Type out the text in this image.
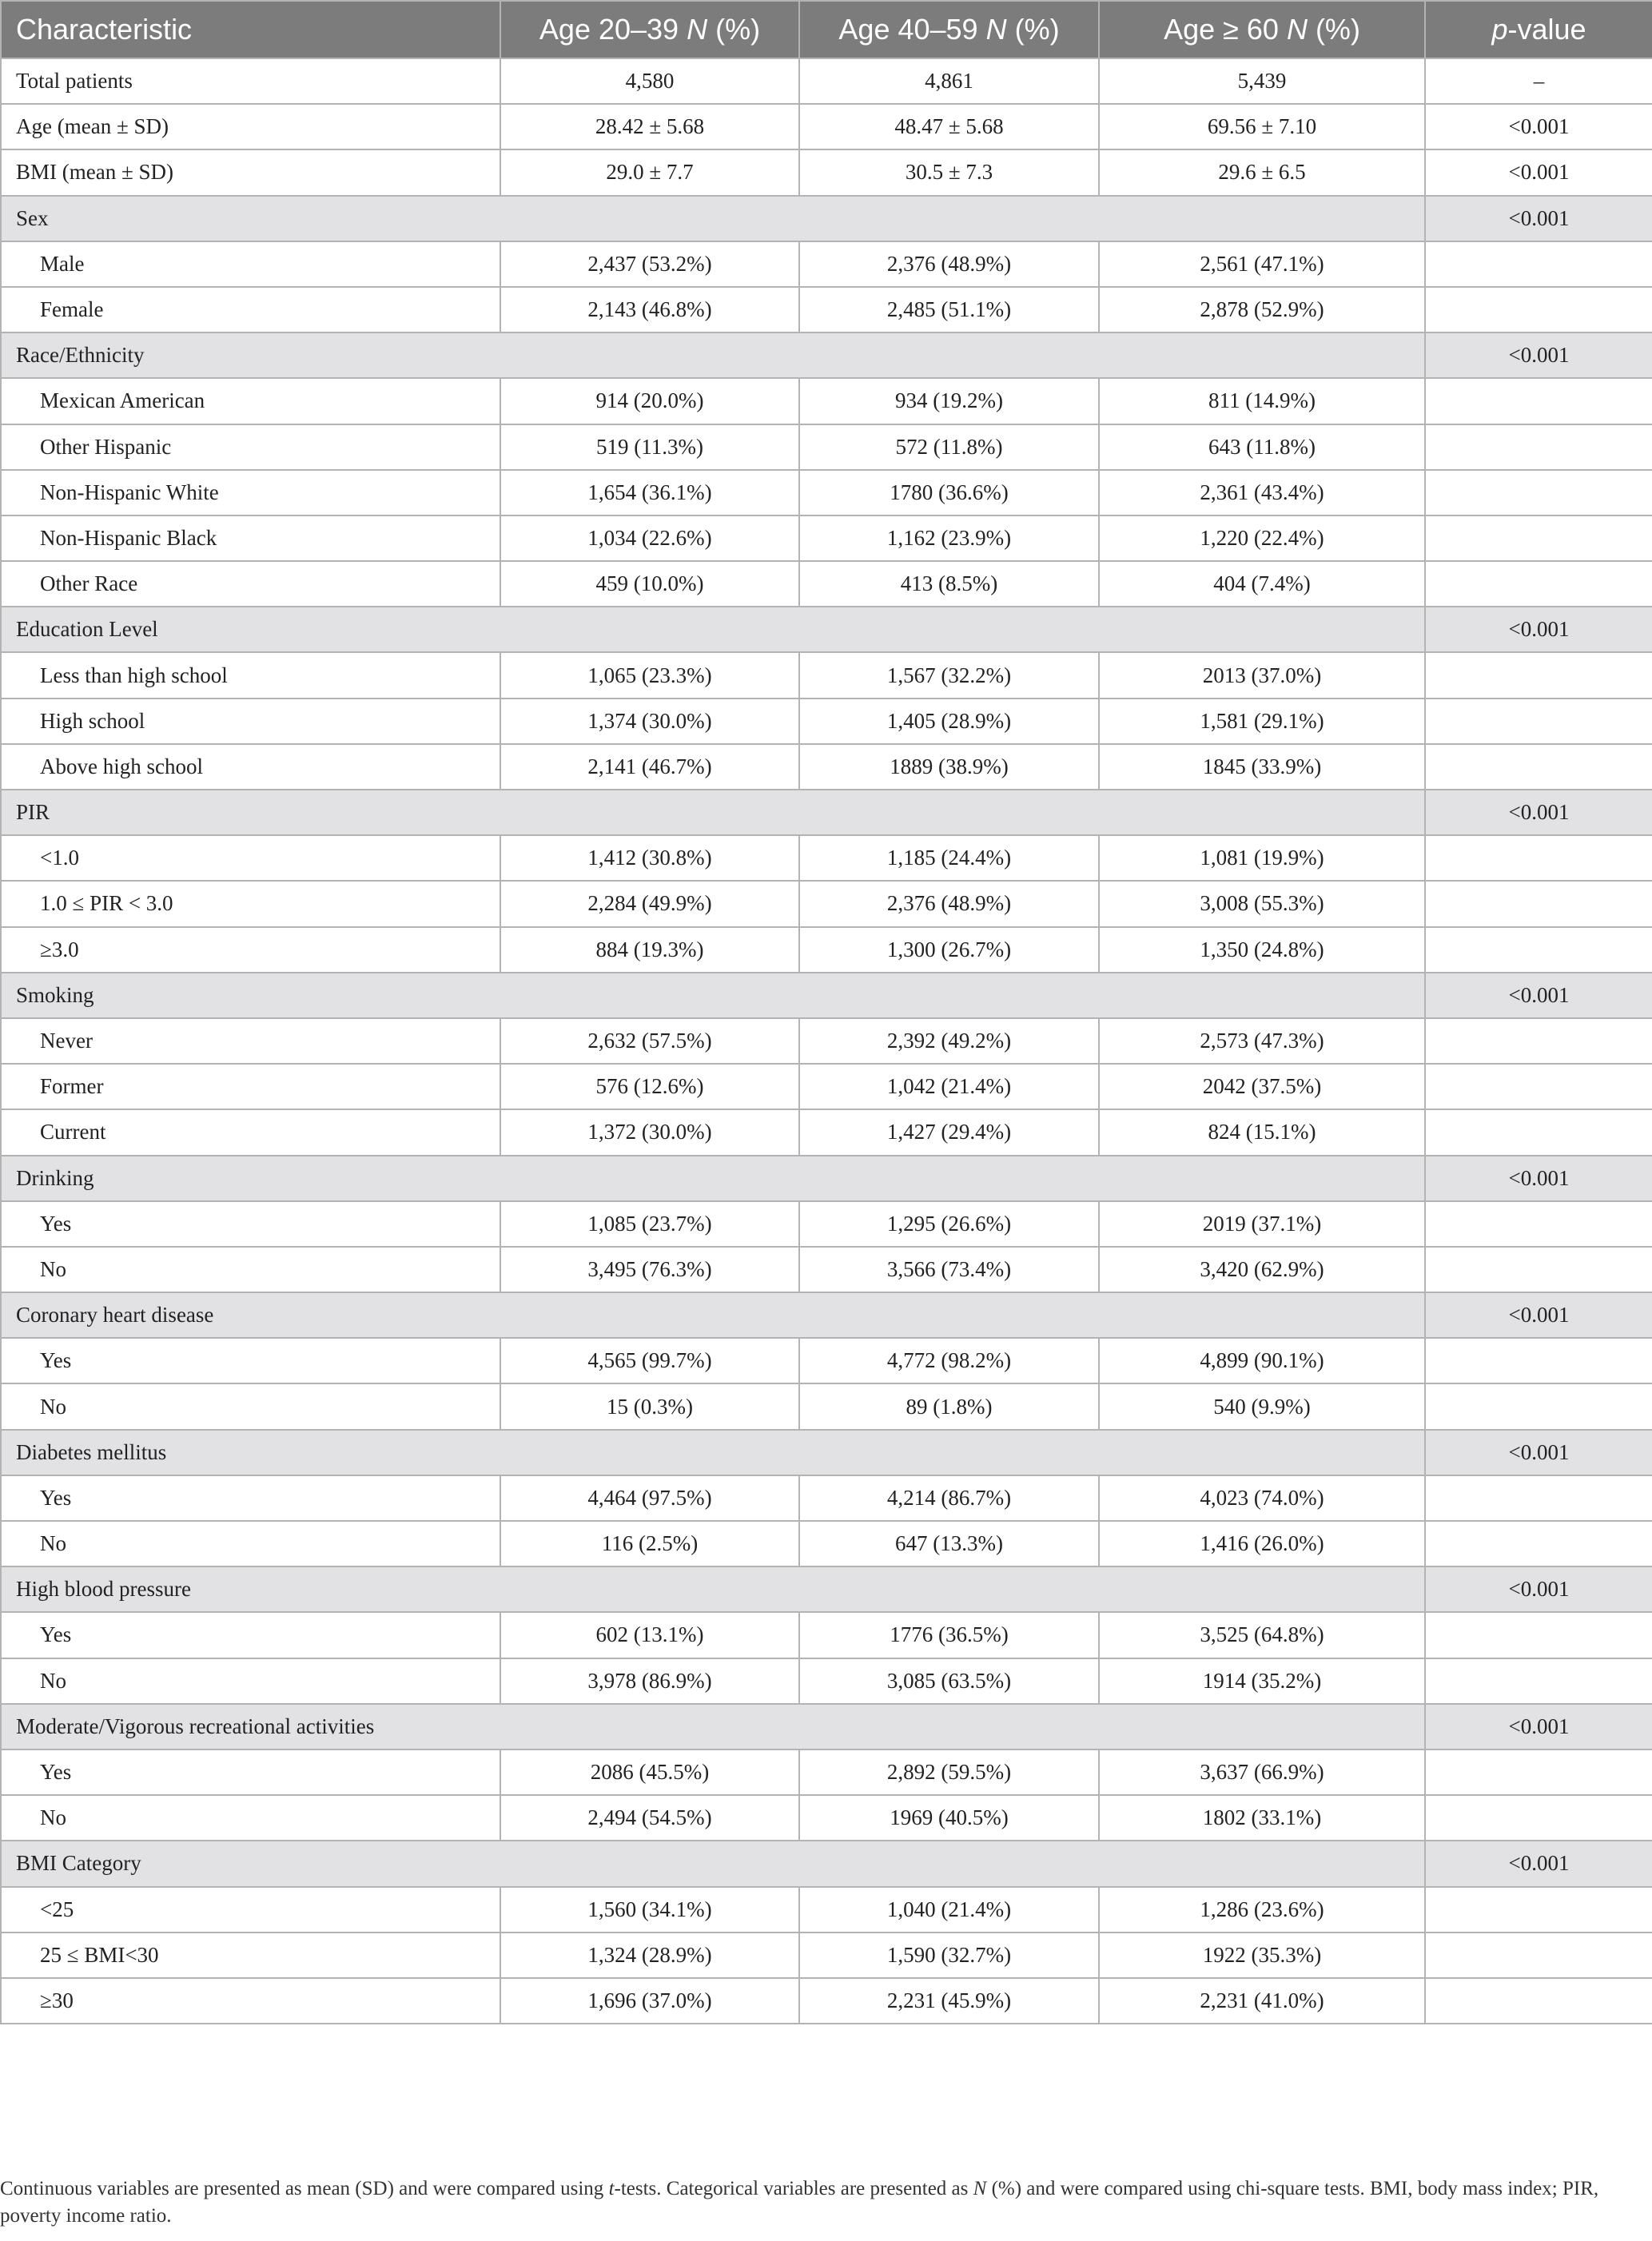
Characteristic	Age 20–39 N (%)	Age 40–59 N (%)	Age ≥ 60 N (%)	p-value
Total patients	4,580	4,861	5,439	–
Age (mean ± SD)	28.42 ± 5.68	48.47 ± 5.68	69.56 ± 7.10	<0.001
BMI (mean ± SD)	29.0 ± 7.7	30.5 ± 7.3	29.6 ± 6.5	<0.001
Sex				<0.001
Male	2,437 (53.2%)	2,376 (48.9%)	2,561 (47.1%)	
Female	2,143 (46.8%)	2,485 (51.1%)	2,878 (52.9%)	
Race/Ethnicity				<0.001
Mexican American	914 (20.0%)	934 (19.2%)	811 (14.9%)	
Other Hispanic	519 (11.3%)	572 (11.8%)	643 (11.8%)	
Non-Hispanic White	1,654 (36.1%)	1780 (36.6%)	2,361 (43.4%)	
Non-Hispanic Black	1,034 (22.6%)	1,162 (23.9%)	1,220 (22.4%)	
Other Race	459 (10.0%)	413 (8.5%)	404 (7.4%)	
Education Level				<0.001
Less than high school	1,065 (23.3%)	1,567 (32.2%)	2013 (37.0%)	
High school	1,374 (30.0%)	1,405 (28.9%)	1,581 (29.1%)	
Above high school	2,141 (46.7%)	1889 (38.9%)	1845 (33.9%)	
PIR				<0.001
<1.0	1,412 (30.8%)	1,185 (24.4%)	1,081 (19.9%)	
1.0 ≤ PIR < 3.0	2,284 (49.9%)	2,376 (48.9%)	3,008 (55.3%)	
≥3.0	884 (19.3%)	1,300 (26.7%)	1,350 (24.8%)	
Smoking				<0.001
Never	2,632 (57.5%)	2,392 (49.2%)	2,573 (47.3%)	
Former	576 (12.6%)	1,042 (21.4%)	2042 (37.5%)	
Current	1,372 (30.0%)	1,427 (29.4%)	824 (15.1%)	
Drinking				<0.001
Yes	1,085 (23.7%)	1,295 (26.6%)	2019 (37.1%)	
No	3,495 (76.3%)	3,566 (73.4%)	3,420 (62.9%)	
Coronary heart disease				<0.001
Yes	4,565 (99.7%)	4,772 (98.2%)	4,899 (90.1%)	
No	15 (0.3%)	89 (1.8%)	540 (9.9%)	
Diabetes mellitus				<0.001
Yes	4,464 (97.5%)	4,214 (86.7%)	4,023 (74.0%)	
No	116 (2.5%)	647 (13.3%)	1,416 (26.0%)	
High blood pressure				<0.001
Yes	602 (13.1%)	1776 (36.5%)	3,525 (64.8%)	
No	3,978 (86.9%)	3,085 (63.5%)	1914 (35.2%)	
Moderate/Vigorous recreational activities				<0.001
Yes	2086 (45.5%)	2,892 (59.5%)	3,637 (66.9%)	
No	2,494 (54.5%)	1969 (40.5%)	1802 (33.1%)	
BMI Category				<0.001
<25	1,560 (34.1%)	1,040 (21.4%)	1,286 (23.6%)	
25 ≤ BMI<30	1,324 (28.9%)	1,590 (32.7%)	1922 (35.3%)	
≥30	1,696 (37.0%)	2,231 (45.9%)	2,231 (41.0%)	
Continuous variables are presented as mean (SD) and were compared using t-tests. Categorical variables are presented as N (%) and were compared using chi-square tests. BMI, body mass index; PIR, poverty income ratio.
